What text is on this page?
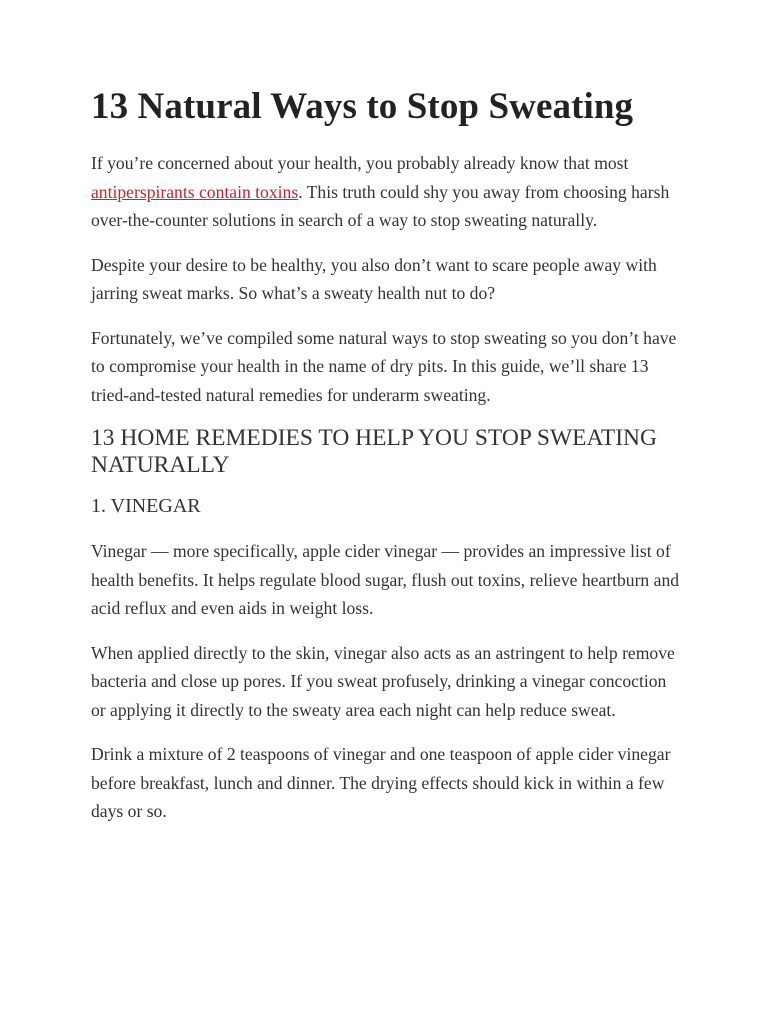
13 Natural Ways to Stop Sweating

If you’re concerned about your health, you probably already know that most antiperspirants contain toxins. This truth could shy you away from choosing harsh over-the-counter solutions in search of a way to stop sweating naturally.

Despite your desire to be healthy, you also don’t want to scare people away with jarring sweat marks. So what’s a sweaty health nut to do?

Fortunately, we’ve compiled some natural ways to stop sweating so you don’t have to compromise your health in the name of dry pits. In this guide, we’ll share 13 tried-and-tested natural remedies for underarm sweating.

13 HOME REMEDIES TO HELP YOU STOP SWEATING NATURALLY
1. VINEGAR

Vinegar — more specifically, apple cider vinegar — provides an impressive list of health benefits. It helps regulate blood sugar, flush out toxins, relieve heartburn and acid reflux and even aids in weight loss.

When applied directly to the skin, vinegar also acts as an astringent to help remove bacteria and close up pores. If you sweat profusely, drinking a vinegar concoction or applying it directly to the sweaty area each night can help reduce sweat.

Drink a mixture of 2 teaspoons of vinegar and one teaspoon of apple cider vinegar before breakfast, lunch and dinner. The drying effects should kick in within a few days or so.
